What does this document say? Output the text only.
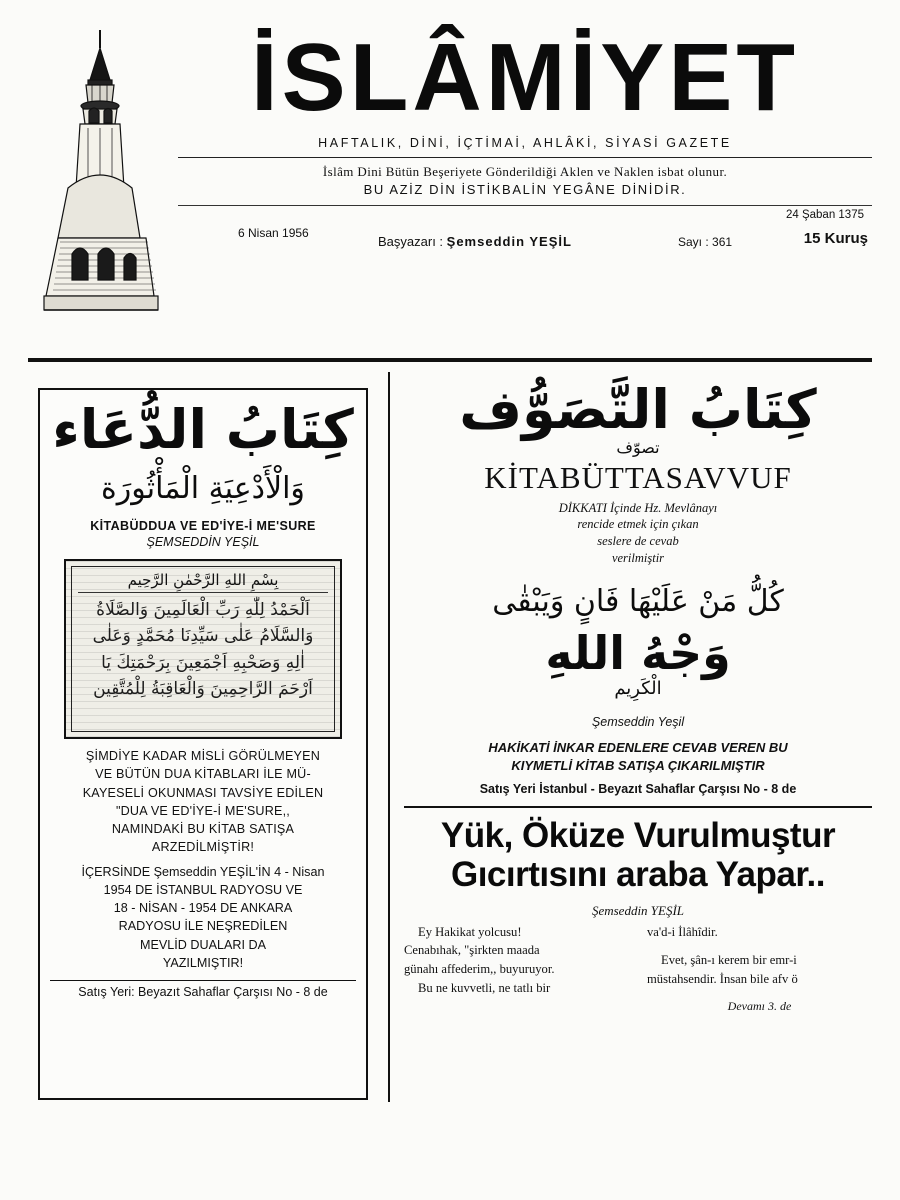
İSLÂMİYET
HAFTALIK, DİNİ, İÇTİMAİ, AHLÂKİ, SİYASİ GAZETE
İslâm Dini Bütün Beşeriyete Gönderildiği Aklen ve Naklen isbat olunur.
BU AZİZ DİN İSTİKBALİN YEGÂNE DİNİDİR.
6 Nisan 1956
24 Şaban 1375
Başyazarı : Şemseddin YEŞİL	Sayı : 361	15 Kuruş
كِتَابُ الدُّعَاء
وَالْأَدْعِيَةِ الْمَأْثُورَة
KİTABÜDDUA VE ED'İYE-İ ME'SURE
ŞEMSEDDİN YEŞİL
بِسْمِ اللهِ الرَّحْمٰنِ الرَّحِيم
اَلْحَمْدُ لِلّٰهِ رَبِّ الْعَالَمِينَ وَالصَّلَاةُ
وَالسَّلَامُ عَلٰى سَيِّدِنَا مُحَمَّدٍ وَعَلٰى
اٰلِهِ وَصَحْبِهِ اَجْمَعِينَ بِرَحْمَتِكَ يَا
اَرْحَمَ الرَّاحِمِينَ وَالْعَاقِبَةُ لِلْمُتَّقِين
ŞİMDİYE KADAR MİSLİ GÖRÜLMEYEN
VE BÜTÜN DUA KİTABLARI İLE MÜ-
KAYESELİ OKUNMASI TAVSİYE EDİLEN
"DUA VE ED'İYE-İ ME'SURE,,
NAMINDAKİ BU KİTAB SATIŞA
ARZEDİLMİŞTİR!
İÇERSİNDE Şemseddin YEŞİL'İN 4 - Nisan
1954 DE İSTANBUL RADYOSU VE
18 - NİSAN - 1954 DE ANKARA
RADYOSU İLE NEŞREDİLEN
MEVLİD DUALARI DA
YAZILMIŞTIR!
Satış Yeri: Beyazıt Sahaflar Çarşısı No - 8 de
كِتَابُ التَّصَوُّف
تصوّف
KİTABÜTTASAVVUF
DİKKATI İçinde Hz. Mevlânayı
rencide etmek için çıkan
seslere de cevab
verilmiştir
كُلُّ مَنْ عَلَيْهَا فَانٍ وَيَبْقٰى
وَجْهُ اللهِ
الْكَرِيم
Şemseddin Yeşil
HAKİKATİ İNKAR EDENLERE CEVAB VEREN BU
KIYMETLİ KİTAB SATIŞA ÇIKARILMIŞTIR
Satış Yeri İstanbul - Beyazıt Sahaflar Çarşısı No - 8 de
Yük, Öküze Vurulmuştur
Gıcırtısını araba Yapar..
Şemseddin YEŞİL
Ey Hakikat yolcusu!
Cenabıhak, "şirkten maada
günahı affederim,, buyuruyor.
Bu ne kuvvetli, ne tatlı bir
va'd-i İlâhîdir.
Evet, şân-ı kerem bir emr-i
müstahsendir. İnsan bile afv ö
Devamı 3. de
